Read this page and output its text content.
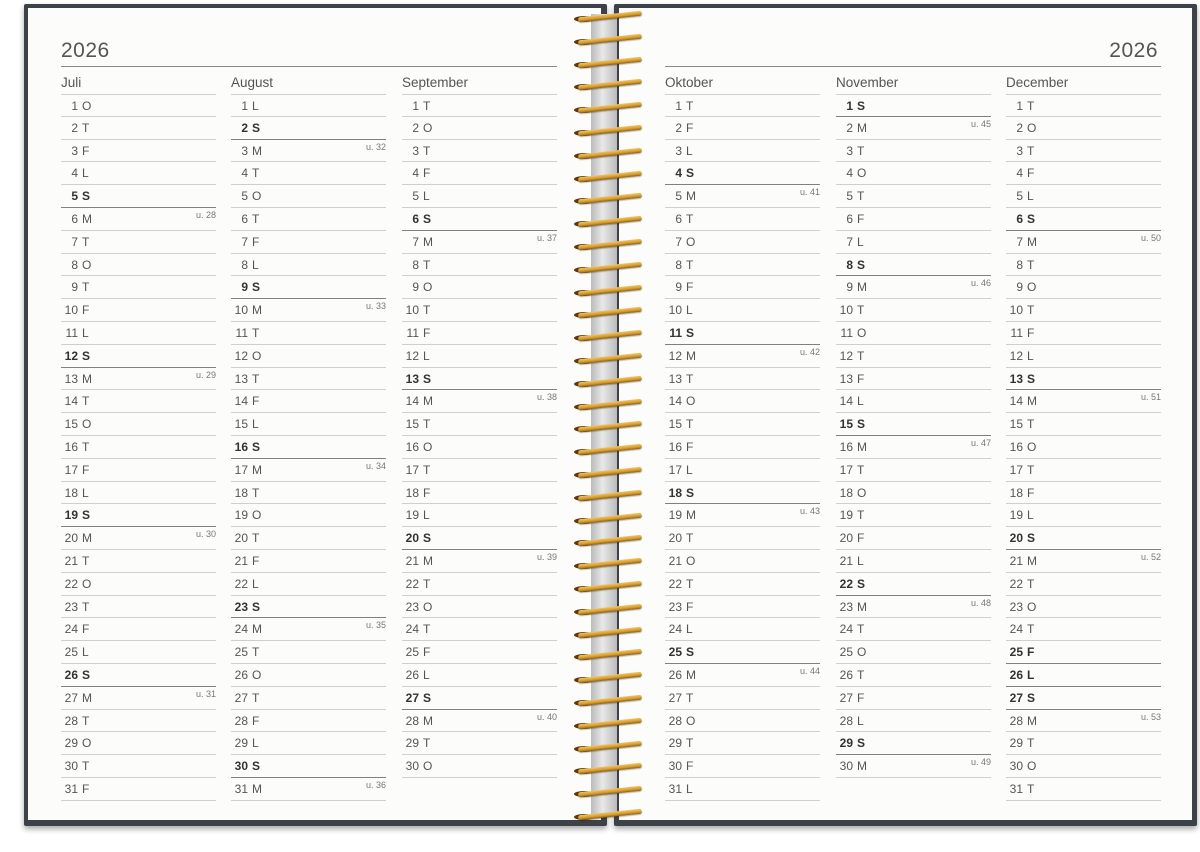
2026
Juli
1 O
2 T
3 F
4 L
5 S
6 M	u. 28
7 T
8 O
9 T
10 F
11 L
12 S
13 M	u. 29
14 T
15 O
16 T
17 F
18 L
19 S
20 M	u. 30
21 T
22 O
23 T
24 F
25 L
26 S
27 M	u. 31
28 T
29 O
30 T
31 F
August
1 L
2 S
3 M	u. 32
4 T
5 O
6 T
7 F
8 L
9 S
10 M	u. 33
11 T
12 O
13 T
14 F
15 L
16 S
17 M	u. 34
18 T
19 O
20 T
21 F
22 L
23 S
24 M	u. 35
25 T
26 O
27 T
28 F
29 L
30 S
31 M	u. 36
September
1 T
2 O
3 T
4 F
5 L
6 S
7 M	u. 37
8 T
9 O
10 T
11 F
12 L
13 S
14 M	u. 38
15 T
16 O
17 T
18 F
19 L
20 S
21 M	u. 39
22 T
23 O
24 T
25 F
26 L
27 S
28 M	u. 40
29 T
30 O
2026
Oktober
1 T
2 F
3 L
4 S
5 M	u. 41
6 T
7 O
8 T
9 F
10 L
11 S
12 M	u. 42
13 T
14 O
15 T
16 F
17 L
18 S
19 M	u. 43
20 T
21 O
22 T
23 F
24 L
25 S
26 M	u. 44
27 T
28 O
29 T
30 F
31 L
November
1 S
2 M	u. 45
3 T
4 O
5 T
6 F
7 L
8 S
9 M	u. 46
10 T
11 O
12 T
13 F
14 L
15 S
16 M	u. 47
17 T
18 O
19 T
20 F
21 L
22 S
23 M	u. 48
24 T
25 O
26 T
27 F
28 L
29 S
30 M	u. 49
December
1 T
2 O
3 T
4 F
5 L
6 S
7 M	u. 50
8 T
9 O
10 T
11 F
12 L
13 S
14 M	u. 51
15 T
16 O
17 T
18 F
19 L
20 S
21 M	u. 52
22 T
23 O
24 T
25 F
26 L
27 S
28 M	u. 53
29 T
30 O
31 T
